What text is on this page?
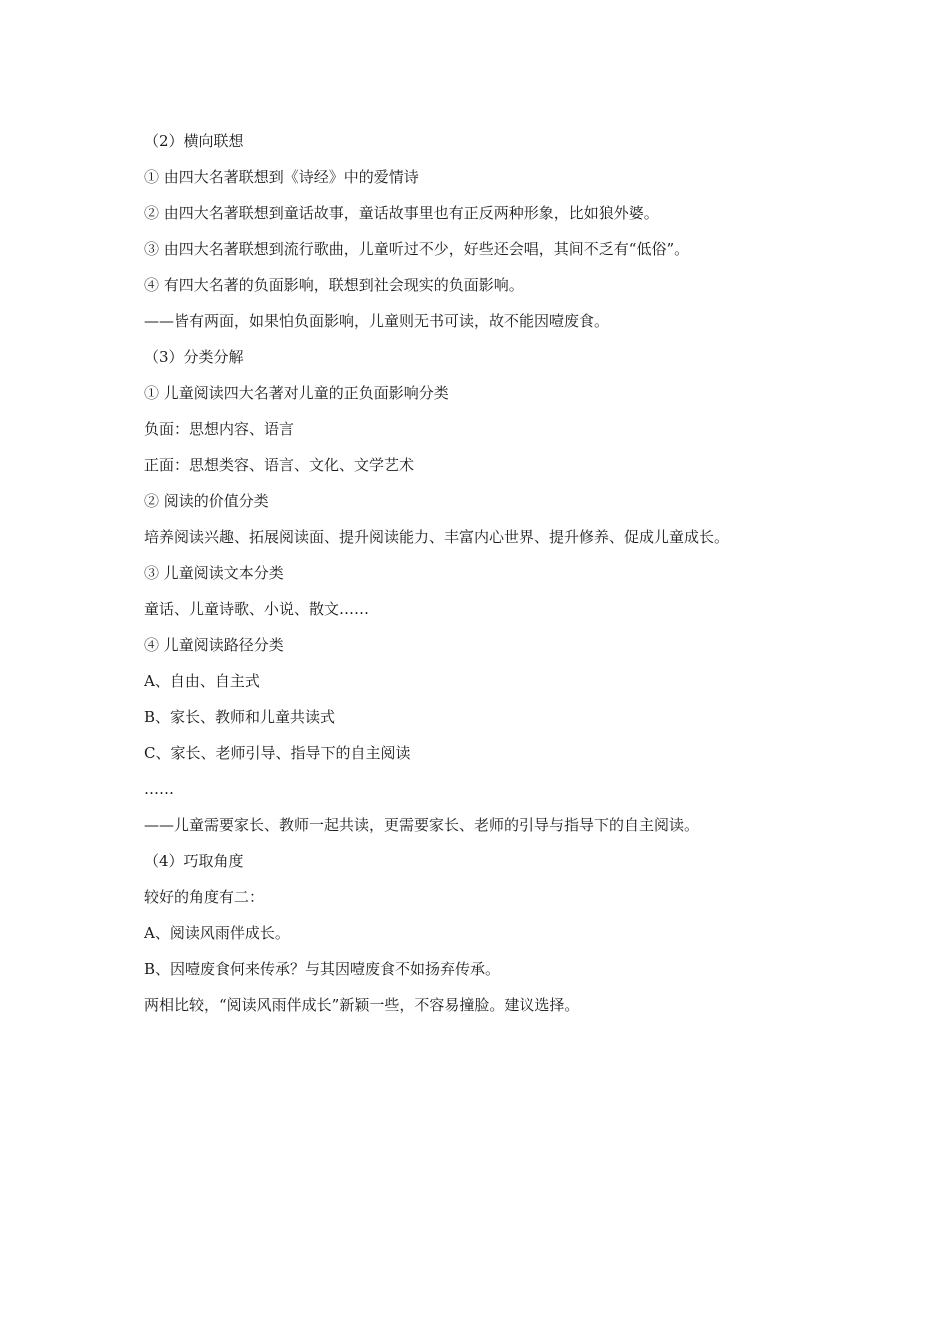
（2）横向联想
① 由四大名著联想到《诗经》中的爱情诗
② 由四大名著联想到童话故事，童话故事里也有正反两种形象，比如狼外婆。
③ 由四大名著联想到流行歌曲，儿童听过不少，好些还会唱，其间不乏有“低俗”。
④ 有四大名著的负面影响，联想到社会现实的负面影响。
——皆有两面，如果怕负面影响，儿童则无书可读，故不能因噎废食。
（3）分类分解
① 儿童阅读四大名著对儿童的正负面影响分类
负面：思想内容、语言
正面：思想类容、语言、文化、文学艺术
② 阅读的价值分类
培养阅读兴趣、拓展阅读面、提升阅读能力、丰富内心世界、提升修养、促成儿童成长。
③ 儿童阅读文本分类
童话、儿童诗歌、小说、散文……
④ 儿童阅读路径分类
A、自由、自主式
B、家长、教师和儿童共读式
C、家长、老师引导、指导下的自主阅读
……
——儿童需要家长、教师一起共读，更需要家长、老师的引导与指导下的自主阅读。
（4）巧取角度
较好的角度有二：
A、阅读风雨伴成长。
B、因噎废食何来传承？与其因噎废食不如扬弃传承。
两相比较，“阅读风雨伴成长”新颖一些，不容易撞脸。建议选择。
